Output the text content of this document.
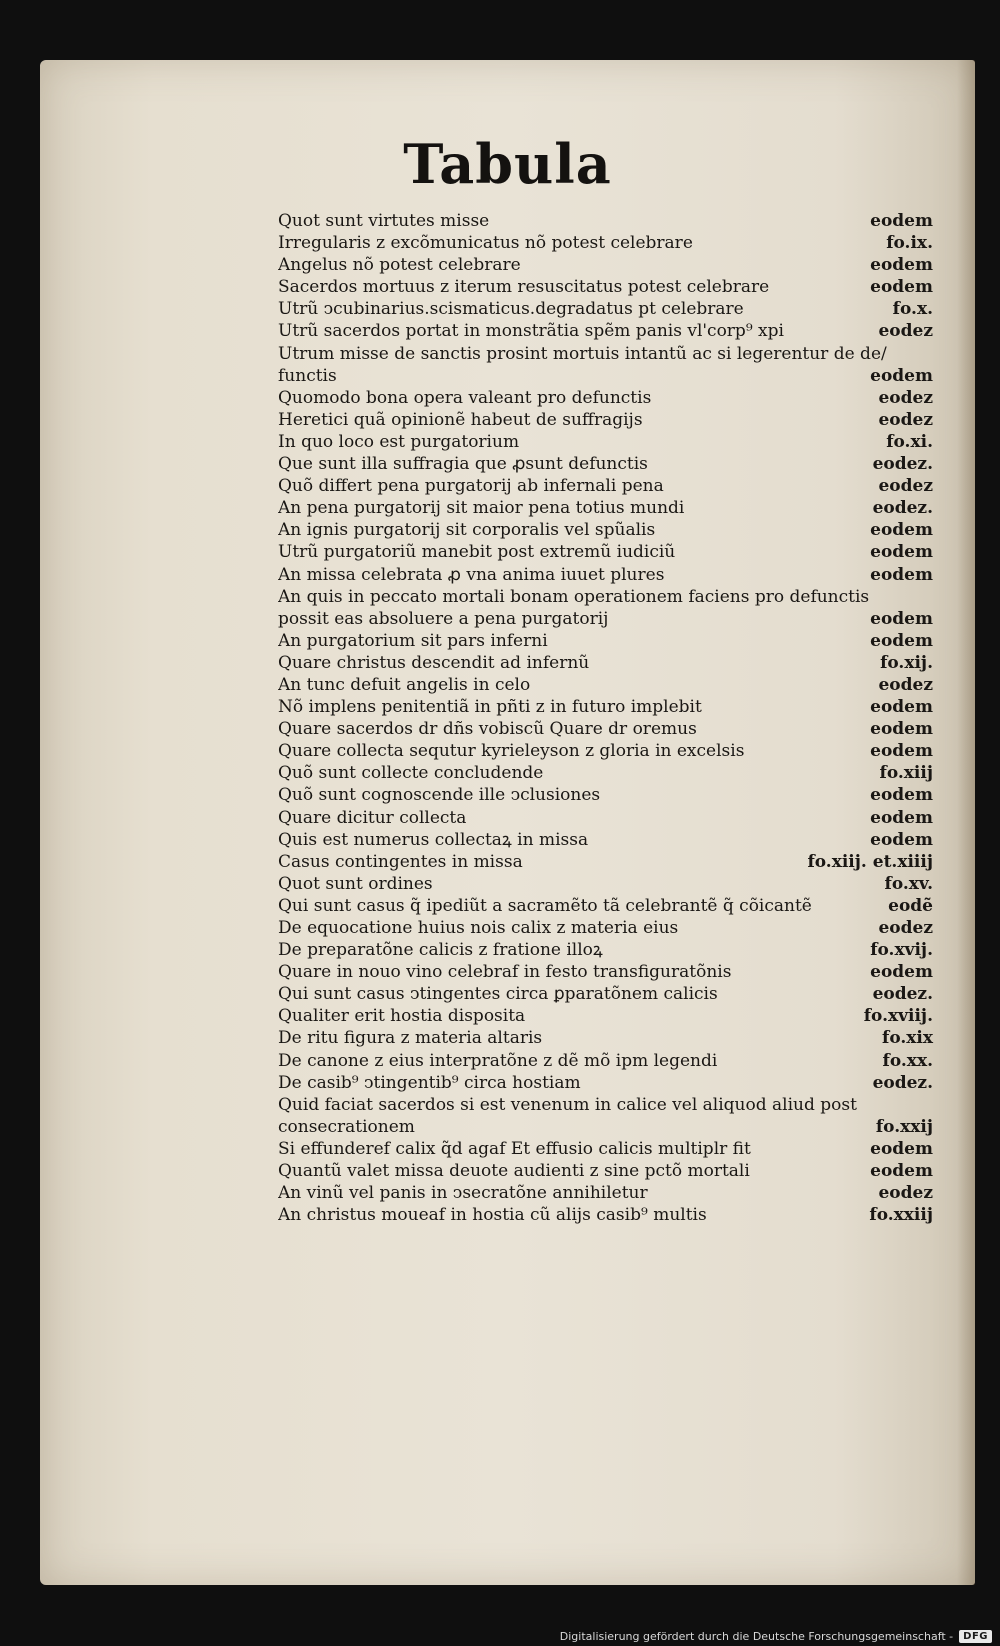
Tabula
Quot sunt virtutes misse	eodem
Irregularis z excõmunicatus nõ potest celebrare	fo.ix.
Angelus nõ potest celebrare	eodem
Sacerdos mortuus z iterum resuscitatus potest celebrare	eodem
Utrũ ↄcubinarius.scismaticus.degradatus pt celebrare	fo.x.
Utrũ sacerdos portat in monstrãtia spẽm panis vl'corp⁹ xpi	eodez
Utrum misse de sanctis prosint mortuis intantũ ac si legerentur de de/
functis	eodem
Quomodo bona opera valeant pro defunctis	eodez
Heretici quã opinionẽ habeut de suffragijs	eodez
In quo loco est purgatorium	fo.xi.
Que sunt illa suffragia que ꝓsunt defunctis	eodez.
Quõ differt pena purgatorij ab infernali pena	eodez
An pena purgatorij sit maior pena totius mundi	eodez.
An ignis purgatorij sit corporalis vel spũalis	eodem
Utrũ purgatoriũ manebit post extremũ iudiciũ	eodem
An missa celebrata ꝓ vna anima iuuet plures	eodem
An quis in peccato mortali bonam operationem faciens pro defunctis
possit eas absoluere a pena purgatorij	eodem
An purgatorium sit pars inferni	eodem
Quare christus descendit ad infernũ	fo.xij.
An tunc defuit angelis in celo	eodez
Nõ implens penitentiã in pñti z in futuro implebit	eodem
Quare sacerdos dr dñs vobiscũ Quare dr oremus	eodem
Quare collecta sequtur kyrieleyson z gloria in excelsis	eodem
Quõ sunt collecte concludende	fo.xiij
Quõ sunt cognoscende ille ↄclusiones	eodem
Quare dicitur collecta	eodem
Quis est numerus collectaꝝ in missa	eodem
Casus contingentes in missa	fo.xiij. et.xiiij
Quot sunt ordines	fo.xv.
Qui sunt casus q̃ ipediũt a sacramẽto tã celebrantẽ q̃ cõicantẽ	eodẽ
De equocatione huius nois calix z materia eius	eodez
De preparatõne calicis z fratione illoꝝ	fo.xvij.
Quare in nouo vino celebraf in festo transfiguratõnis	eodem
Qui sunt casus ↄtingentes circa ꝑparatõnem calicis	eodez.
Qualiter erit hostia disposita	fo.xviij.
De ritu figura z materia altaris	fo.xix
De canone z eius interpratõne z dẽ mõ ipm legendi	fo.xx.
De casib⁹ ↄtingentib⁹ circa hostiam	eodez.
Quid faciat sacerdos si est venenum in calice vel aliquod aliud post
consecrationem	fo.xxij
Si effunderef calix q̃d agaf Et effusio calicis multiplr fit	eodem
Quantũ valet missa deuote audienti z sine pctõ mortali	eodem
An vinũ vel panis in ↄsecratõne annihiletur	eodez
An christus moueaf in hostia cũ alijs casib⁹ multis	fo.xxiij
Digitalisierung gefördert durch die Deutsche Forschungsgemeinschaft -	DFG
